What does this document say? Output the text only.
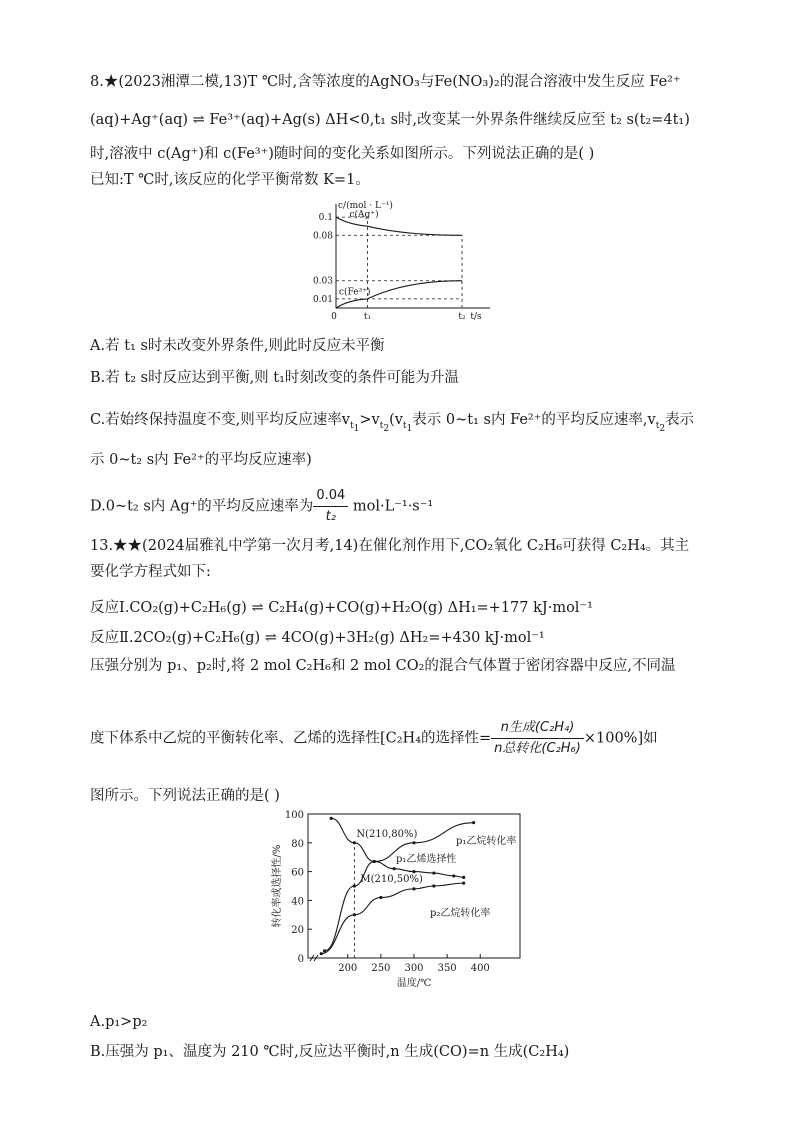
8.★(2023湘潭二模,13)T ℃时,含等浓度的AgNO₃与Fe(NO₃)₂的混合溶液中发生反应 Fe²⁺
(aq)+Ag⁺(aq) ⇌ Fe³⁺(aq)+Ag(s) ΔH<0,t₁ s时,改变某一外界条件继续反应至 t₂ s(t₂=4t₁)
时,溶液中 c(Ag⁺)和 c(Fe³⁺)随时间的变化关系如图所示。下列说法正确的是( )
已知:T ℃时,该反应的化学平衡常数 K=1。
0.01
0.03
0.08
0.1
0	t₁	t₂
c/(mol · L⁻¹)
t/s
c(Ag⁺)
c(Fe³⁺)
A.若 t₁ s时未改变外界条件,则此时反应未平衡
B.若 t₂ s时反应达到平衡,则 t₁时刻改变的条件可能为升温
C.若始终保持温度不变,则平均反应速率$v_{t_1}>v_{t_2}(v_{t_1}$表示 0~t₁ s内 Fe²⁺的平均反应速率$,v_{t_2}$表示
示 0~t₂ s内 Fe²⁺的平均反应速率)
D.0~t₂ s内 Ag⁺的平均反应速率为 $\frac{0.04}{\text{t₂}} mol\cdot L^{-1}\cdot s^{-1}$
13.★★(2024届雅礼中学第一次月考,14)在催化剂作用下,CO₂氧化 C₂H₆可获得 C₂H₄。其主
要化学方程式如下:
反应Ⅰ.CO₂(g)+C₂H₆(g) ⇌ C₂H₄(g)+CO(g)+H₂O(g) ΔH₁=+177 kJ·mol⁻¹
反应Ⅱ.2CO₂(g)+C₂H₆(g) ⇌ 4CO(g)+3H₂(g) ΔH₂=+430 kJ·mol⁻¹
压强分别为 p₁、p₂时,将 2 mol C₂H₆和 2 mol CO₂的混合气体置于密闭容器中反应,不同温
度下体系中乙烷的平衡转化率、乙烯的选择性[C₂H₄的选择性= $\frac{\text{n生成(C₂H₄)}}{\text{n总转化(C₂H₆)}} \times 100\%$]如
图所示。下列说法正确的是( )
0
20
40
60
80
100
200 250 300 350 400
温度/℃
转化率或选择性/%
p₁乙烷转化率
p₁乙烯选择性
p₂乙烷转化率
N(210,80%)
M(210,50%)
A.p₁>p₂
B.压强为 p₁、温度为 210 ℃时,反应达平衡时,n 生成(CO)=n 生成(C₂H₄)
